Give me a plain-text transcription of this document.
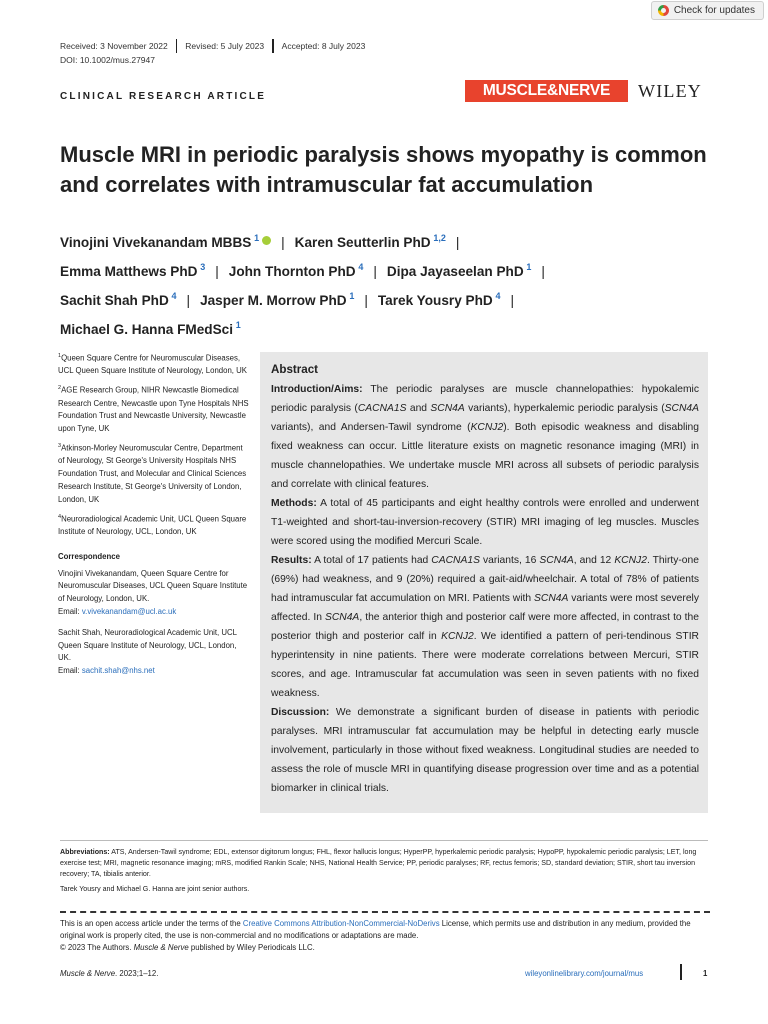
Check for updates
Received: 3 November 2022 Revised: 5 July 2023 Accepted: 8 July 2023
DOI: 10.1002/mus.27947
CLINICAL RESEARCH ARTICLE	MUSCLE&NERVE	WILEY
Muscle MRI in periodic paralysis shows myopathy is common and correlates with intramuscular fat accumulation
Vinojini Vivekanandam MBBS  $^1$ | Karen Seutterlin PhD  $^{1,2}$ |
Emma Matthews PhD  $^3$ | John Thornton PhD  $^4$ | Dipa Jayaseelan PhD  $^1$ |
Sachit Shah PhD  $^4$ | Jasper M. Morrow PhD  $^1$ | Tarek Yousry PhD  $^4$ |
Michael G. Hanna FMedSci  $^1$

$^1$Queen Square Centre for Neuromuscular Diseases, UCL Queen Square Institute of Neurology, London, UK

$^2$AGE Research Group, NIHR Newcastle Biomedical Research Centre, Newcastle upon Tyne Hospitals NHS Foundation Trust and Newcastle University, Newcastle upon Tyne, UK

$^3$Atkinson-Morley Neuromuscular Centre, Department of Neurology, St George's University Hospitals NHS Foundation Trust, and Molecular and Clinical Sciences Research Institute, St George's University of London, London, UK

$^4$Neuroradiological Academic Unit, UCL Queen Square Institute of Neurology, UCL, London, UK

Correspondence

Vinojini Vivekanandam, Queen Square Centre for Neuromuscular Diseases, UCL Queen Square Institute of Neurology, London, UK.
Email: v.vivekanandam@ucl.ac.uk

Sachit Shah, Neuroradiological Academic Unit, UCL Queen Square Institute of Neurology, UCL, London, UK.
Email: sachit.shah@nhs.net

Abstract

Introduction/Aims: The periodic paralyses are muscle channelopathies: hypokalemic periodic paralysis (CACNA1S and SCN4A variants), hyperkalemic periodic paralysis (SCN4A variants), and Andersen-Tawil syndrome (KCNJ2). Both episodic weakness and disabling fixed weakness can occur. Little literature exists on magnetic resonance imaging (MRI) in muscle channelopathies. We undertake muscle MRI across all subsets of periodic paralysis and correlate with clinical features.

Methods: A total of 45 participants and eight healthy controls were enrolled and underwent T1-weighted and short-tau-inversion-recovery (STIR) MRI imaging of leg muscles. Muscles were scored using the modified Mercuri Scale.

Results: A total of 17 patients had CACNA1S variants, 16 SCN4A, and 12 KCNJ2. Thirty-one (69%) had weakness, and 9 (20%) required a gait-aid/wheelchair. A total of 78% of patients had intramuscular fat accumulation on MRI. Patients with SCN4A variants were most severely affected. In SCN4A, the anterior thigh and posterior calf were more affected, in contrast to the posterior thigh and posterior calf in KCNJ2. We identified a pattern of peri-tendinous STIR hyperintensity in nine patients. There were moderate correlations between Mercuri, STIR scores, and age. Intramuscular fat accumulation was seen in seven patients with no fixed weakness.

Discussion: We demonstrate a significant burden of disease in patients with periodic paralyses. MRI intramuscular fat accumulation may be helpful in detecting early muscle involvement, particularly in those without fixed weakness. Longitudinal studies are needed to assess the role of muscle MRI in quantifying disease progression over time and as a potential biomarker in clinical trials.

Abbreviations: ATS, Andersen-Tawil syndrome; EDL, extensor digitorum longus; FHL, flexor hallucis longus; HyperPP, hyperkalemic periodic paralysis; HypoPP, hypokalemic periodic paralysis; LET, long exercise test; MRI, magnetic resonance imaging; mRS, modified Rankin Scale; NHS, National Health Service; PP, periodic paralyses; RF, rectus femoris; SD, standard deviation; STIR, short tau inversion recovery; TA, tibialis anterior.
Tarek Yousry and Michael G. Hanna are joint senior authors.
This is an open access article under the terms of the Creative Commons Attribution-NonCommercial-NoDerivs License, which permits use and distribution in any medium, provided the original work is properly cited, the use is non-commercial and no modifications or adaptations are made.
© 2023 The Authors. Muscle & Nerve published by Wiley Periodicals LLC.
Muscle & Nerve. 2023;1–12.	wileyonlinelibrary.com/journal/mus	1
